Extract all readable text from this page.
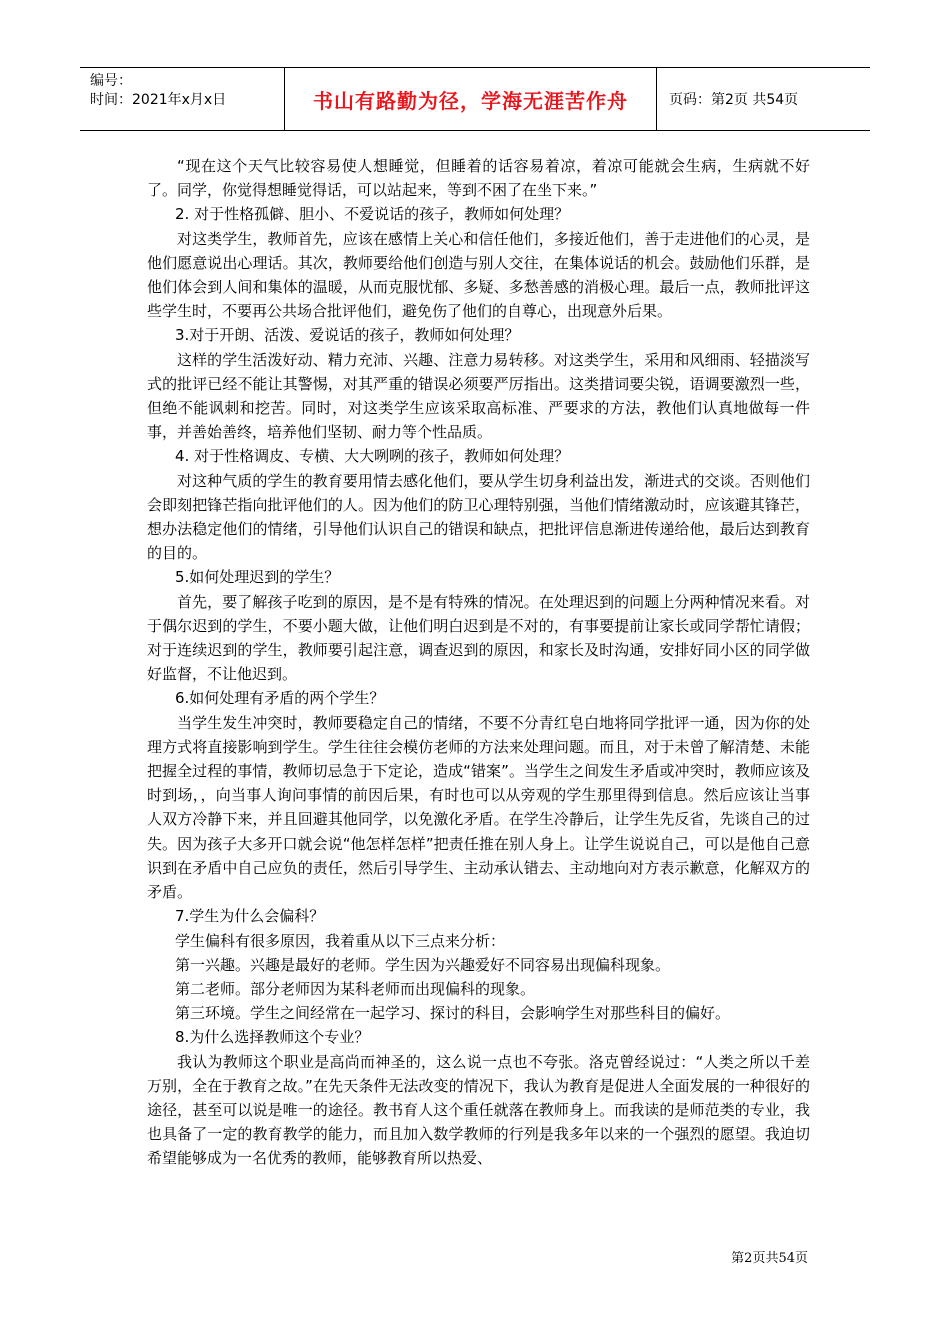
编号：
时间：2021年x月x日	书山有路勤为径，学海无涯苦作舟	页码：第2页 共54页

“现在这个天气比较容易使人想睡觉，但睡着的话容易着凉，着凉可能就会生病，生病就不好了。同学，你觉得想睡觉得话，可以站起来，等到不困了在坐下来。”

2. 对于性格孤僻、胆小、不爱说话的孩子，教师如何处理？

对这类学生，教师首先，应该在感情上关心和信任他们，多接近他们，善于走进他们的心灵，是他们愿意说出心理话。其次，教师要给他们创造与别人交往，在集体说话的机会。鼓励他们乐群，是他们体会到人间和集体的温暖，从而克服忧郁、多疑、多愁善感的消极心理。最后一点，教师批评这些学生时，不要再公共场合批评他们，避免伤了他们的自尊心，出现意外后果。

3.对于开朗、活泼、爱说话的孩子，教师如何处理？

这样的学生活泼好动、精力充沛、兴趣、注意力易转移。对这类学生，采用和风细雨、轻描淡写式的批评已经不能让其警惕，对其严重的错误必须要严厉指出。这类措词要尖锐，语调要激烈一些，但绝不能讽刺和挖苦。同时，对这类学生应该采取高标准、严要求的方法，教他们认真地做每一件事，并善始善终，培养他们坚韧、耐力等个性品质。

4. 对于性格调皮、专横、大大咧咧的孩子，教师如何处理？

对这种气质的学生的教育要用情去感化他们，要从学生切身利益出发，渐进式的交谈。否则他们会即刻把锋芒指向批评他们的人。因为他们的防卫心理特别强，当他们情绪激动时，应该避其锋芒，想办法稳定他们的情绪，引导他们认识自己的错误和缺点，把批评信息渐进传递给他，最后达到教育的目的。

5.如何处理迟到的学生？

首先，要了解孩子吃到的原因，是不是有特殊的情况。在处理迟到的问题上分两种情况来看。对于偶尔迟到的学生，不要小题大做，让他们明白迟到是不对的，有事要提前让家长或同学帮忙请假；对于连续迟到的学生，教师要引起注意，调查迟到的原因，和家长及时沟通，安排好同小区的同学做好监督，不让他迟到。

6.如何处理有矛盾的两个学生？

当学生发生冲突时，教师要稳定自己的情绪，不要不分青红皂白地将同学批评一通，因为你的处理方式将直接影响到学生。学生往往会模仿老师的方法来处理问题。而且，对于未曾了解清楚、未能把握全过程的事情，教师切忌急于下定论，造成“错案”。当学生之间发生矛盾或冲突时，教师应该及时到场，，向当事人询问事情的前因后果，有时也可以从旁观的学生那里得到信息。然后应该让当事人双方冷静下来，并且回避其他同学，以免激化矛盾。在学生冷静后，让学生先反省，先谈自己的过失。因为孩子大多开口就会说“他怎样怎样”把责任推在别人身上。让学生说说自己，可以是他自己意识到在矛盾中自己应负的责任，然后引导学生、主动承认错去、主动地向对方表示歉意，化解双方的矛盾。

7.学生为什么会偏科？

学生偏科有很多原因，我着重从以下三点来分析：

第一兴趣。兴趣是最好的老师。学生因为兴趣爱好不同容易出现偏科现象。

第二老师。部分老师因为某科老师而出现偏科的现象。

第三环境。学生之间经常在一起学习、探讨的科目，会影响学生对那些科目的偏好。

8.为什么选择教师这个专业？

我认为教师这个职业是高尚而神圣的，这么说一点也不夸张。洛克曾经说过：“人类之所以千差万别，全在于教育之故。”在先天条件无法改变的情况下，我认为教育是促进人全面发展的一种很好的途径，甚至可以说是唯一的途径。教书育人这个重任就落在教师身上。而我读的是师范类的专业，我也具备了一定的教育教学的能力，而且加入数学教师的行列是我多年以来的一个强烈的愿望。我迫切希望能够成为一名优秀的教师，能够教育所以热爱、

第2页共54页
